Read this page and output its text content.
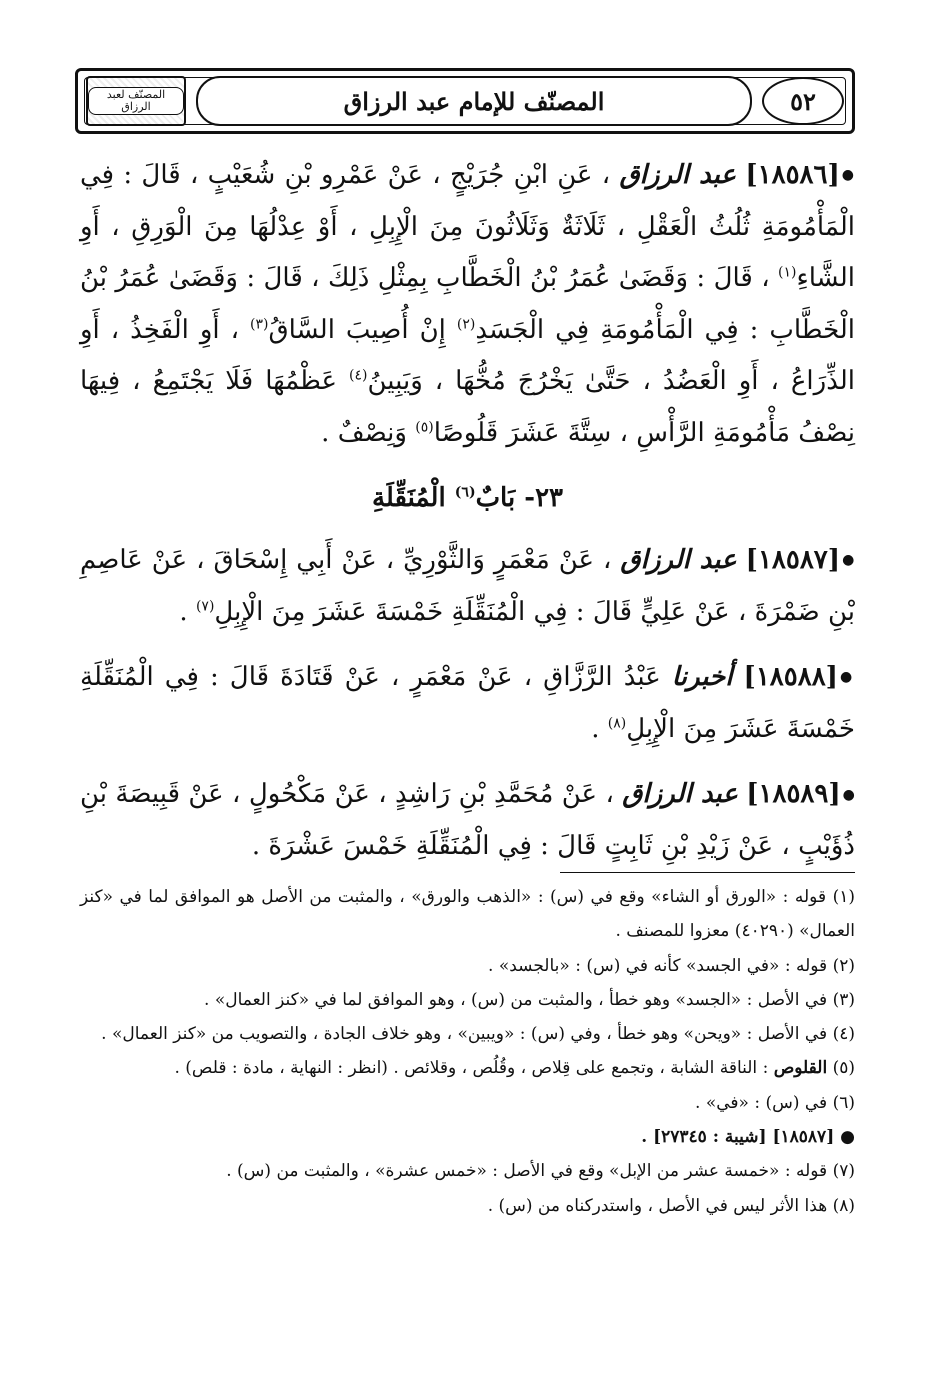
المصنّف لعبد الرزاق	المصنّف للإمام عبد الرزاق	٥٢

●[١٨٥٨٦] عبد الرزاق ، عَنِ ابْنِ جُرَيْجٍ ، عَنْ عَمْرِو بْنِ شُعَيْبٍ ، قَالَ : فِي الْمَأْمُومَةِ ثُلُثُ الْعَقْلِ ، ثَلَاثَةٌ وَثَلَاثُونَ مِنَ الْإِبِلِ ، أَوْ عِدْلُهَا مِنَ الْوَرِقِ ، أَوِ الشَّاءِ$^{(١)}$ ، قَالَ : وَقَضَىٰ عُمَرُ بْنُ الْخَطَّابِ بِمِثْلِ ذَلِكَ ، قَالَ : وَقَضَىٰ عُمَرُ بْنُ الْخَطَّابِ : فِي الْمَأْمُومَةِ فِي الْجَسَدِ$^{(٢)}$ إِنْ أُصِيبَ السَّاقُ$^{(٣)}$ ، أَوِ الْفَخِذُ ، أَوِ الذِّرَاعُ ، أَوِ الْعَضُدُ ، حَتَّىٰ يَخْرُجَ مُخُّهَا ، وَيَبِينُ$^{(٤)}$ عَظْمُهَا فَلَا يَجْتَمِعُ ، فِيهَا نِصْفُ مَأْمُومَةِ الرَّأْسِ ، سِتَّةَ عَشَرَ قَلُوصًا$^{(٥)}$ وَنِصْفٌ .

٢٣- بَابٌ$^{(٦)}$ الْمُنَقِّلَةِ

●[١٨٥٨٧] عبد الرزاق ، عَنْ مَعْمَرٍ وَالثَّوْرِيِّ ، عَنْ أَبِي إِسْحَاقَ ، عَنْ عَاصِمِ بْنِ ضَمْرَةَ ، عَنْ عَلِيٍّ قَالَ : فِي الْمُنَقِّلَةِ خَمْسَةَ عَشَرَ مِنَ الْإِبِلِ$^{(٧)}$ .

●[١٨٥٨٨] أخبرنا عَبْدُ الرَّزَّاقِ ، عَنْ مَعْمَرٍ ، عَنْ قَتَادَةَ قَالَ : فِي الْمُنَقِّلَةِ خَمْسَةَ عَشَرَ مِنَ الْإِبِلِ$^{(٨)}$ .

●[١٨٥٨٩] عبد الرزاق ، عَنْ مُحَمَّدِ بْنِ رَاشِدٍ ، عَنْ مَكْحُولٍ ، عَنْ قَبِيصَةَ بْنِ ذُؤَيْبٍ ، عَنْ زَيْدِ بْنِ ثَابِتٍ قَالَ : فِي الْمُنَقِّلَةِ خَمْسَ عَشْرَةَ .

(١) قوله : «الورق أو الشاء» وقع في (س) : «الذهب والورق» ، والمثبت من الأصل هو الموافق لما في «كنز العمال» (٤٠٢٩٠) معزوا للمصنف .

(٢) قوله : «في الجسد» كأنه في (س) : «بالجسد» .

(٣) في الأصل : «الجسد» وهو خطأ ، والمثبت من (س) ، وهو الموافق لما في «كنز العمال» .

(٤) في الأصل : «ويحن» وهو خطأ ، وفي (س) : «ويبين» ، وهو خلاف الجادة ، والتصويب من «كنز العمال» .

(٥) القلوص : الناقة الشابة ، وتجمع على قِلاص ، وقُلُص ، وقلائص . (انظر : النهاية ، مادة : قلص) .

(٦) في (س) : «في» .

● [١٨٥٨٧] [شيبة : ٢٧٣٤٥] .

(٧) قوله : «خمسة عشر من الإبل» وقع في الأصل : «خمس عشرة» ، والمثبت من (س) .

(٨) هذا الأثر ليس في الأصل ، واستدركناه من (س) .
